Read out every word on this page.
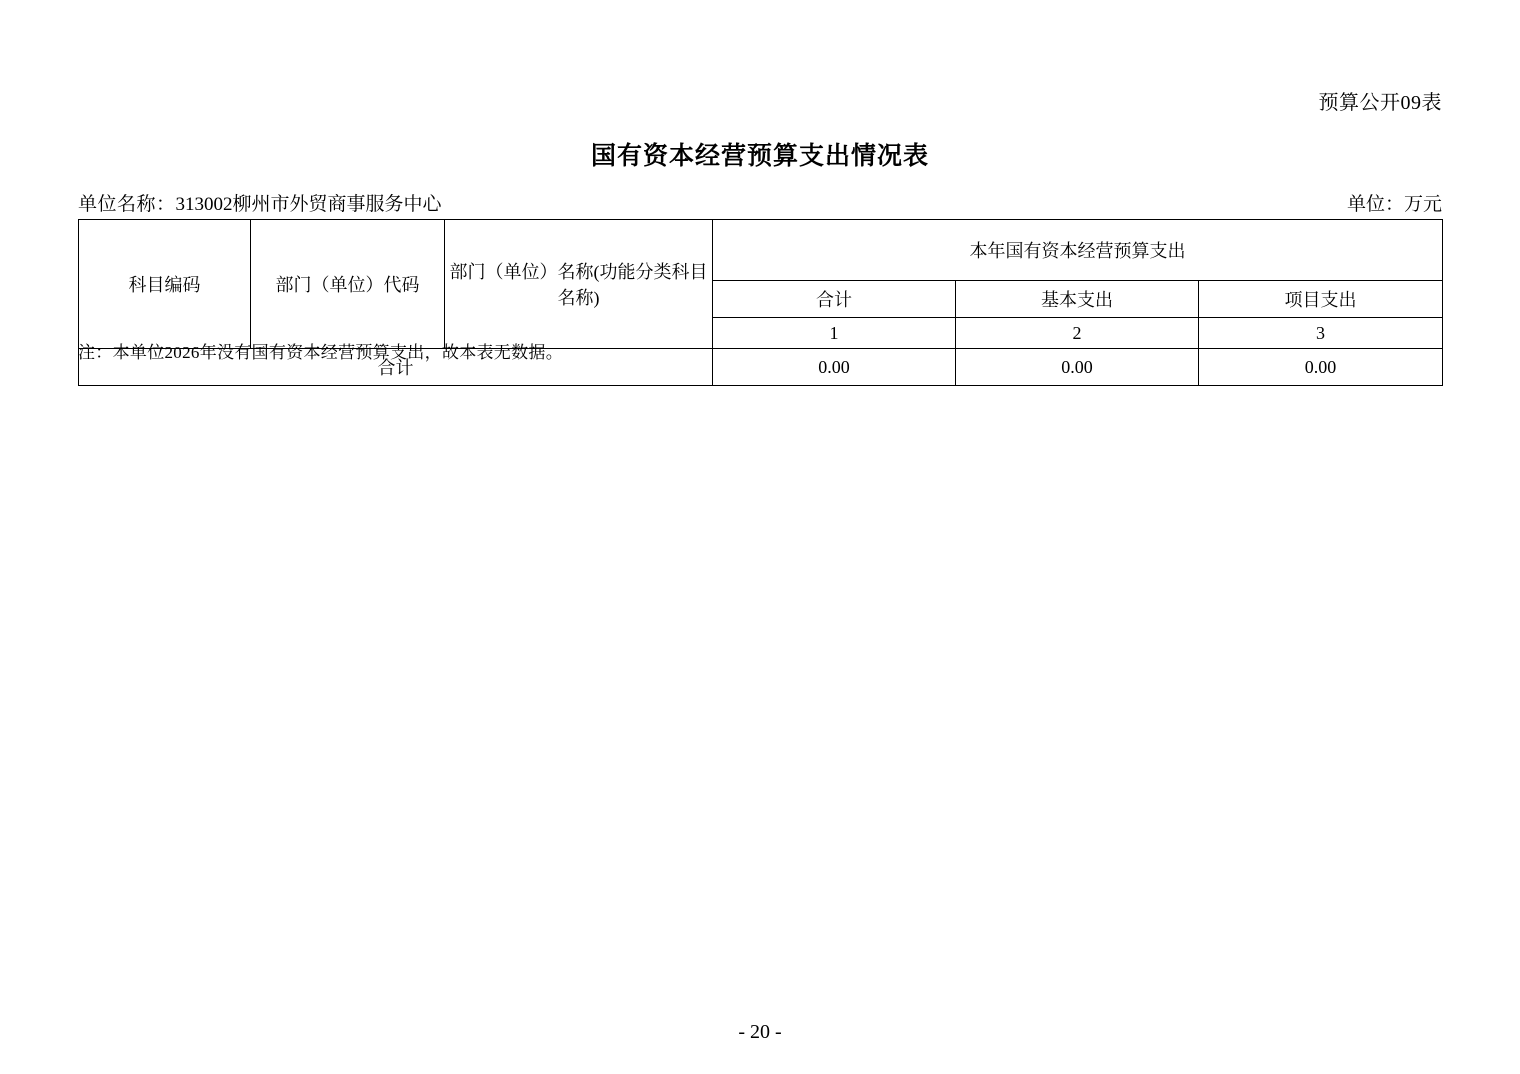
预算公开09表
国有资本经营预算支出情况表
单位名称：313002柳州市外贸商事服务中心	单位：万元
科目编码	部门（单位）代码	部门（单位）名称(功能分类科目名称)	本年国有资本经营预算支出		
			合计	基本支出	项目支出
			1	2	3
合计			0.00	0.00	0.00
注：本单位2026年没有国有资本经营预算支出，故本表无数据。
- 20 -
